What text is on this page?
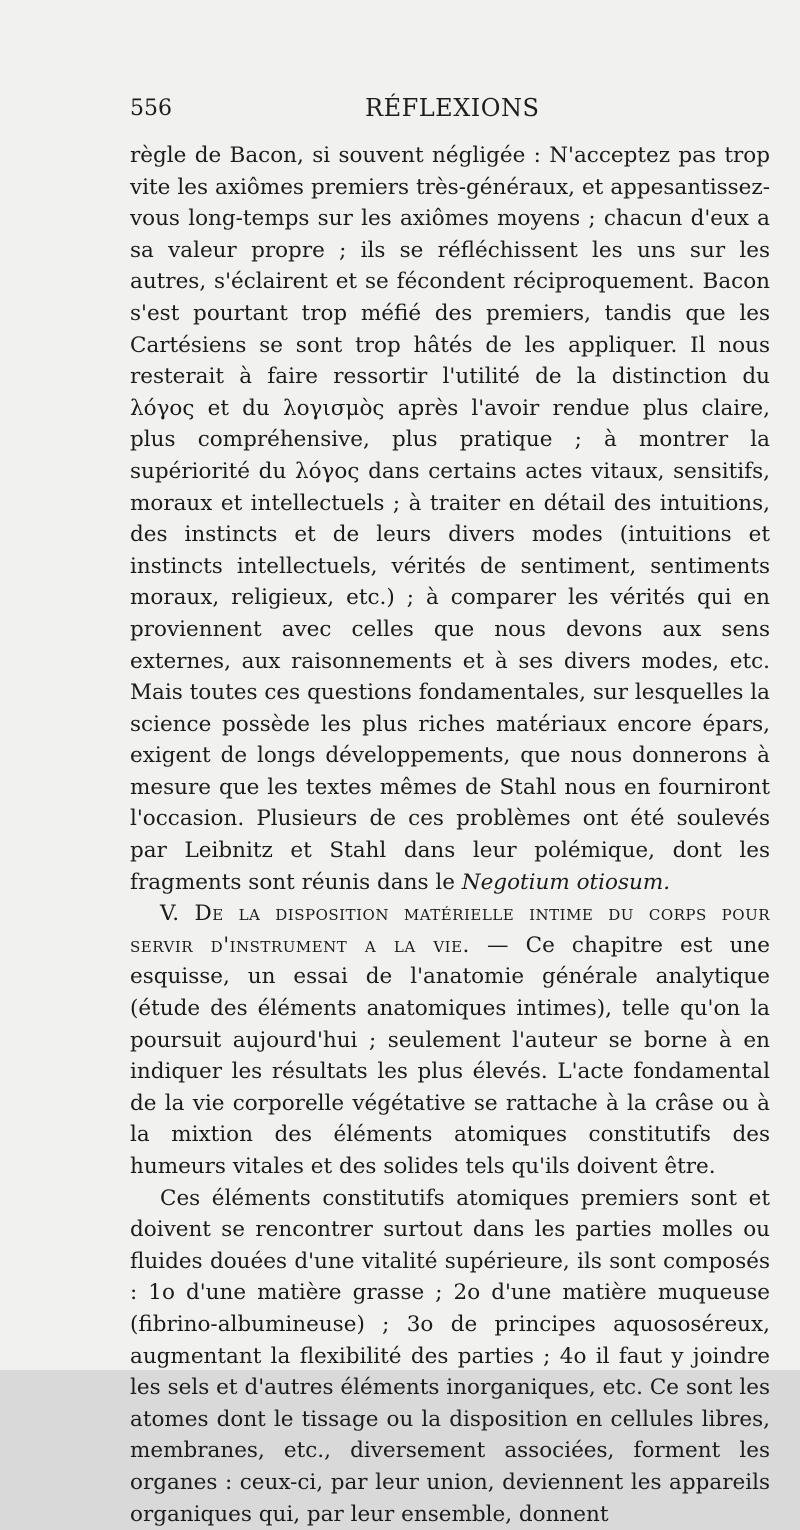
556	RÉFLEXIONS

règle de Bacon, si souvent négligée : N'acceptez pas trop vite les axiômes premiers très-généraux, et appesantissez-vous long-temps sur les axiômes moyens ; chacun d'eux a sa valeur propre ; ils se réfléchissent les uns sur les autres, s'éclairent et se fécondent réciproquement. Bacon s'est pourtant trop méfié des premiers, tandis que les Cartésiens se sont trop hâtés de les appliquer. Il nous resterait à faire ressortir l'utilité de la distinction du λόγος et du λογισμὸς après l'avoir rendue plus claire, plus compréhensive, plus pratique ; à montrer la supériorité du λόγος dans certains actes vitaux, sensitifs, moraux et intellectuels ; à traiter en détail des intuitions, des instincts et de leurs divers modes (intuitions et instincts intellectuels, vérités de sentiment, sentiments moraux, religieux, etc.) ; à comparer les vérités qui en proviennent avec celles que nous devons aux sens externes, aux raisonnements et à ses divers modes, etc. Mais toutes ces questions fondamentales, sur lesquelles la science possède les plus riches matériaux encore épars, exigent de longs développements, que nous donnerons à mesure que les textes mêmes de Stahl nous en fourniront l'occasion. Plusieurs de ces problèmes ont été soulevés par Leibnitz et Stahl dans leur polémique, dont les fragments sont réunis dans le Negotium otiosum.

V. De la disposition matérielle intime du corps pour servir d'instrument a la vie. — Ce chapitre est une esquisse, un essai de l'anatomie générale analytique (étude des éléments anatomiques intimes), telle qu'on la poursuit aujourd'hui ; seulement l'auteur se borne à en indiquer les résultats les plus élevés. L'acte fondamental de la vie corporelle végétative se rattache à la crâse ou à la mixtion des éléments atomiques constitutifs des humeurs vitales et des solides tels qu'ils doivent être.

Ces éléments constitutifs atomiques premiers sont et doivent se rencontrer surtout dans les parties molles ou fluides douées d'une vitalité supérieure, ils sont composés : 1o d'une matière grasse ; 2o d'une matière muqueuse (fibrino-albumineuse) ; 3o de principes aquososéreux, augmentant la flexibilité des parties ; 4o il faut y joindre les sels et d'autres éléments inorganiques, etc. Ce sont les atomes dont le tissage ou la disposition en cellules libres, membranes, etc., diversement associées, forment les organes : ceux-ci, par leur union, deviennent les appareils organiques qui, par leur ensemble, donnent
